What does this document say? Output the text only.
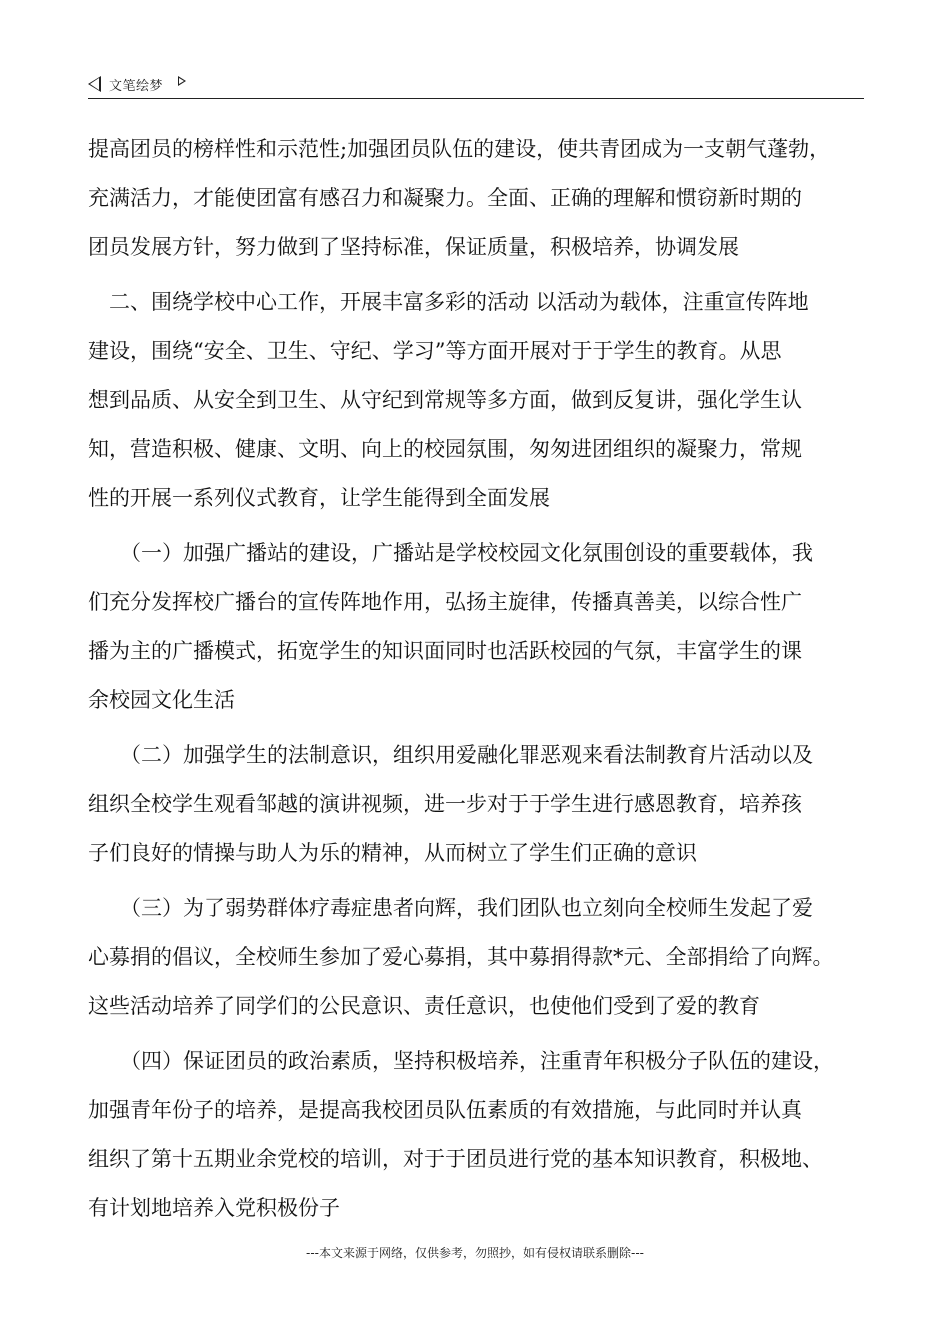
文笔绘梦
提高团员的榜样性和示范性;加强团员队伍的建设，使共青团成为一支朝气蓬勃，
充满活力，才能使团富有感召力和凝聚力。全面、正确的理解和惯窃新时期的
团员发展方针，努力做到了坚持标准，保证质量，积极培养，协调发展
二、围绕学校中心工作，开展丰富多彩的活动 以活动为载体，注重宣传阵地
建设，围绕“安全、卫生、守纪、学习”等方面开展对于于学生的教育。从思
想到品质、从安全到卫生、从守纪到常规等多方面，做到反复讲，强化学生认
知，营造积极、健康、文明、向上的校园氛围，匆匆进团组织的凝聚力，常规
性的开展一系列仪式教育，让学生能得到全面发展
（一）加强广播站的建设，广播站是学校校园文化氛围创设的重要载体，我
们充分发挥校广播台的宣传阵地作用，弘扬主旋律，传播真善美，以综合性广
播为主的广播模式，拓宽学生的知识面同时也活跃校园的气氛，丰富学生的课
余校园文化生活
（二）加强学生的法制意识，组织用爱融化罪恶观来看法制教育片活动以及
组织全校学生观看邹越的演讲视频，进一步对于于学生进行感恩教育，培养孩
子们良好的情操与助人为乐的精神，从而树立了学生们正确的意识
（三）为了弱势群体疗毒症患者向辉，我们团队也立刻向全校师生发起了爱
心募捐的倡议，全校师生参加了爱心募捐，其中募捐得款*元、全部捐给了向辉。
这些活动培养了同学们的公民意识、责任意识，也使他们受到了爱的教育
（四）保证团员的政治素质，坚持积极培养，注重青年积极分子队伍的建设，
加强青年份子的培养，是提高我校团员队伍素质的有效措施，与此同时并认真
组织了第十五期业余党校的培训，对于于团员进行党的基本知识教育，积极地、
有计划地培养入党积极份子
---本文来源于网络，仅供参考，勿照抄，如有侵权请联系删除---
